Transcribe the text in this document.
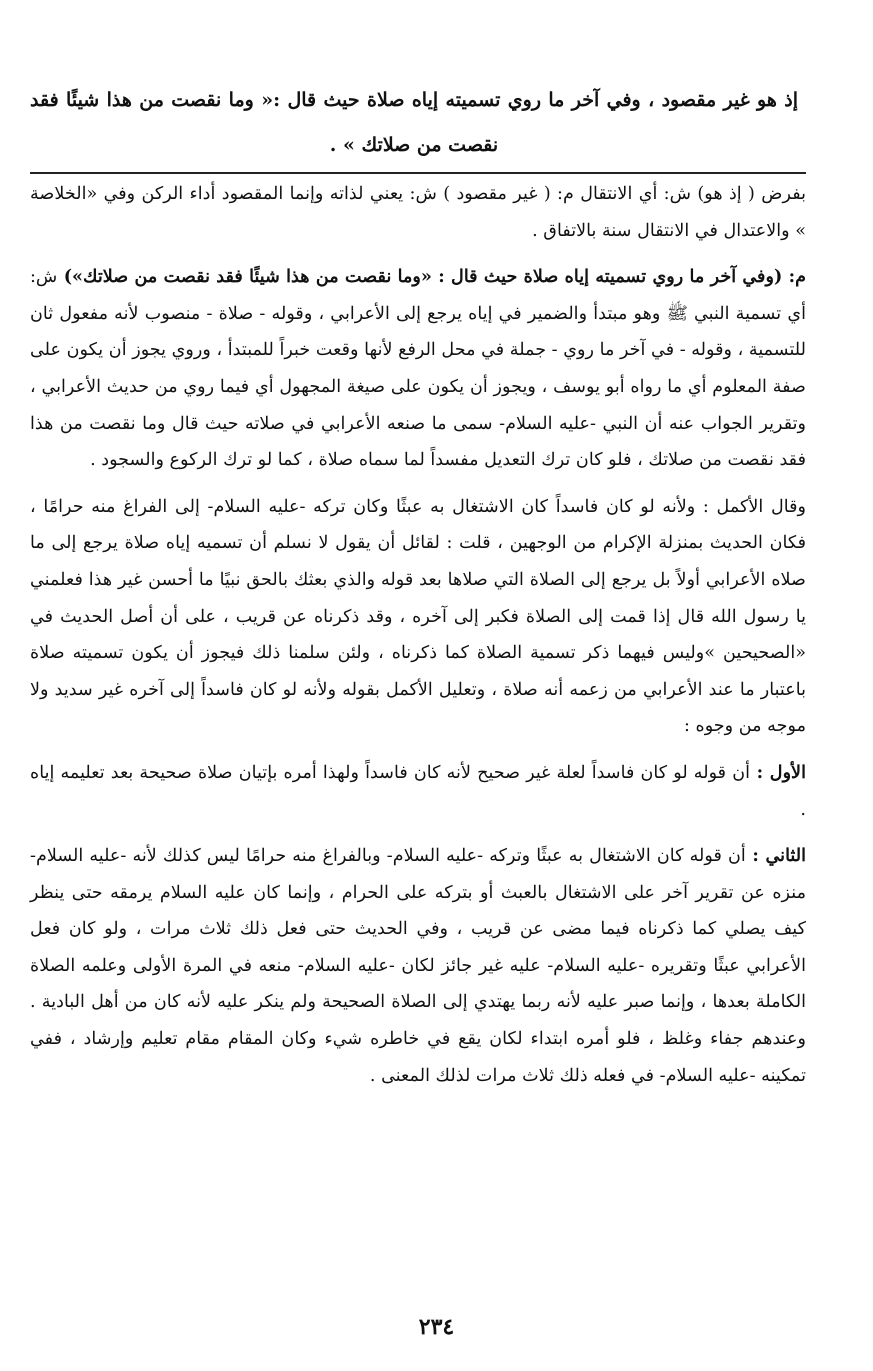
إذ هو غير مقصود ، وفي آخر ما روي تسميته إياه صلاة حيث قال :« وما نقصت من هذا شيئًا فقد نقصت من صلاتك » .

بفرض ( إذ هو) ش: أي الانتقال م: ( غير مقصود ) ش: يعني لذاته وإنما المقصود أداء الركن وفي «الخلاصة » والاعتدال في الانتقال سنة بالاتفاق .

م: (وفي آخر ما روي تسميته إياه صلاة حيث قال : «وما نقصت من هذا شيئًا فقد نقصت من صلاتك») ش: أي تسمية النبي ﷺ وهو مبتدأ والضمير في إياه يرجع إلى الأعرابي ، وقوله - صلاة - منصوب لأنه مفعول ثان للتسمية ، وقوله - في آخر ما روي - جملة في محل الرفع لأنها وقعت خبراً للمبتدأ ، وروي يجوز أن يكون على صفة المعلوم أي ما رواه أبو يوسف ، ويجوز أن يكون على صيغة المجهول أي فيما روي من حديث الأعرابي ، وتقرير الجواب عنه أن النبي -عليه السلام- سمى ما صنعه الأعرابي في صلاته حيث قال وما نقصت من هذا فقد نقصت من صلاتك ، فلو كان ترك التعديل مفسداً لما سماه صلاة ، كما لو ترك الركوع والسجود .

وقال الأكمل : ولأنه لو كان فاسداً كان الاشتغال به عبثًا وكان تركه -عليه السلام- إلى الفراغ منه حرامًا ، فكان الحديث بمنزلة الإكرام من الوجهين ، قلت : لقائل أن يقول لا نسلم أن تسميه إياه صلاة يرجع إلى ما صلاه الأعرابي أولاً بل يرجع إلى الصلاة التي صلاها بعد قوله والذي بعثك بالحق نبيًا ما أحسن غير هذا فعلمني يا رسول الله قال إذا قمت إلى الصلاة فكبر إلى آخره ، وقد ذكرناه عن قريب ، على أن أصل الحديث في «الصحيحين »وليس فيهما ذكر تسمية الصلاة كما ذكرناه ، ولئن سلمنا ذلك فيجوز أن يكون تسميته صلاة باعتبار ما عند الأعرابي من زعمه أنه صلاة ، وتعليل الأكمل بقوله ولأنه لو كان فاسداً إلى آخره غير سديد ولا موجه من وجوه :

الأول : أن قوله لو كان فاسداً لعلة غير صحيح لأنه كان فاسداً ولهذا أمره بإتيان صلاة صحيحة بعد تعليمه إياه .

الثاني : أن قوله كان الاشتغال به عبثًا وتركه -عليه السلام- وبالفراغ منه حرامًا ليس كذلك لأنه -عليه السلام- منزه عن تقرير آخر على الاشتغال بالعبث أو بتركه على الحرام ، وإنما كان عليه السلام يرمقه حتى ينظر كيف يصلي كما ذكرناه فيما مضى عن قريب ، وفي الحديث حتى فعل ذلك ثلاث مرات ، ولو كان فعل الأعرابي عبثًا وتقريره -عليه السلام- عليه غير جائز لكان -عليه السلام- منعه في المرة الأولى وعلمه الصلاة الكاملة بعدها ، وإنما صبر عليه لأنه ربما يهتدي إلى الصلاة الصحيحة ولم ينكر عليه لأنه كان من أهل البادية . وعندهم جفاء وغلظ ، فلو أمره ابتداء لكان يقع في خاطره شيء وكان المقام مقام تعليم وإرشاد ، ففي تمكينه -عليه السلام- في فعله ذلك ثلاث مرات لذلك المعنى .

٢٣٤
